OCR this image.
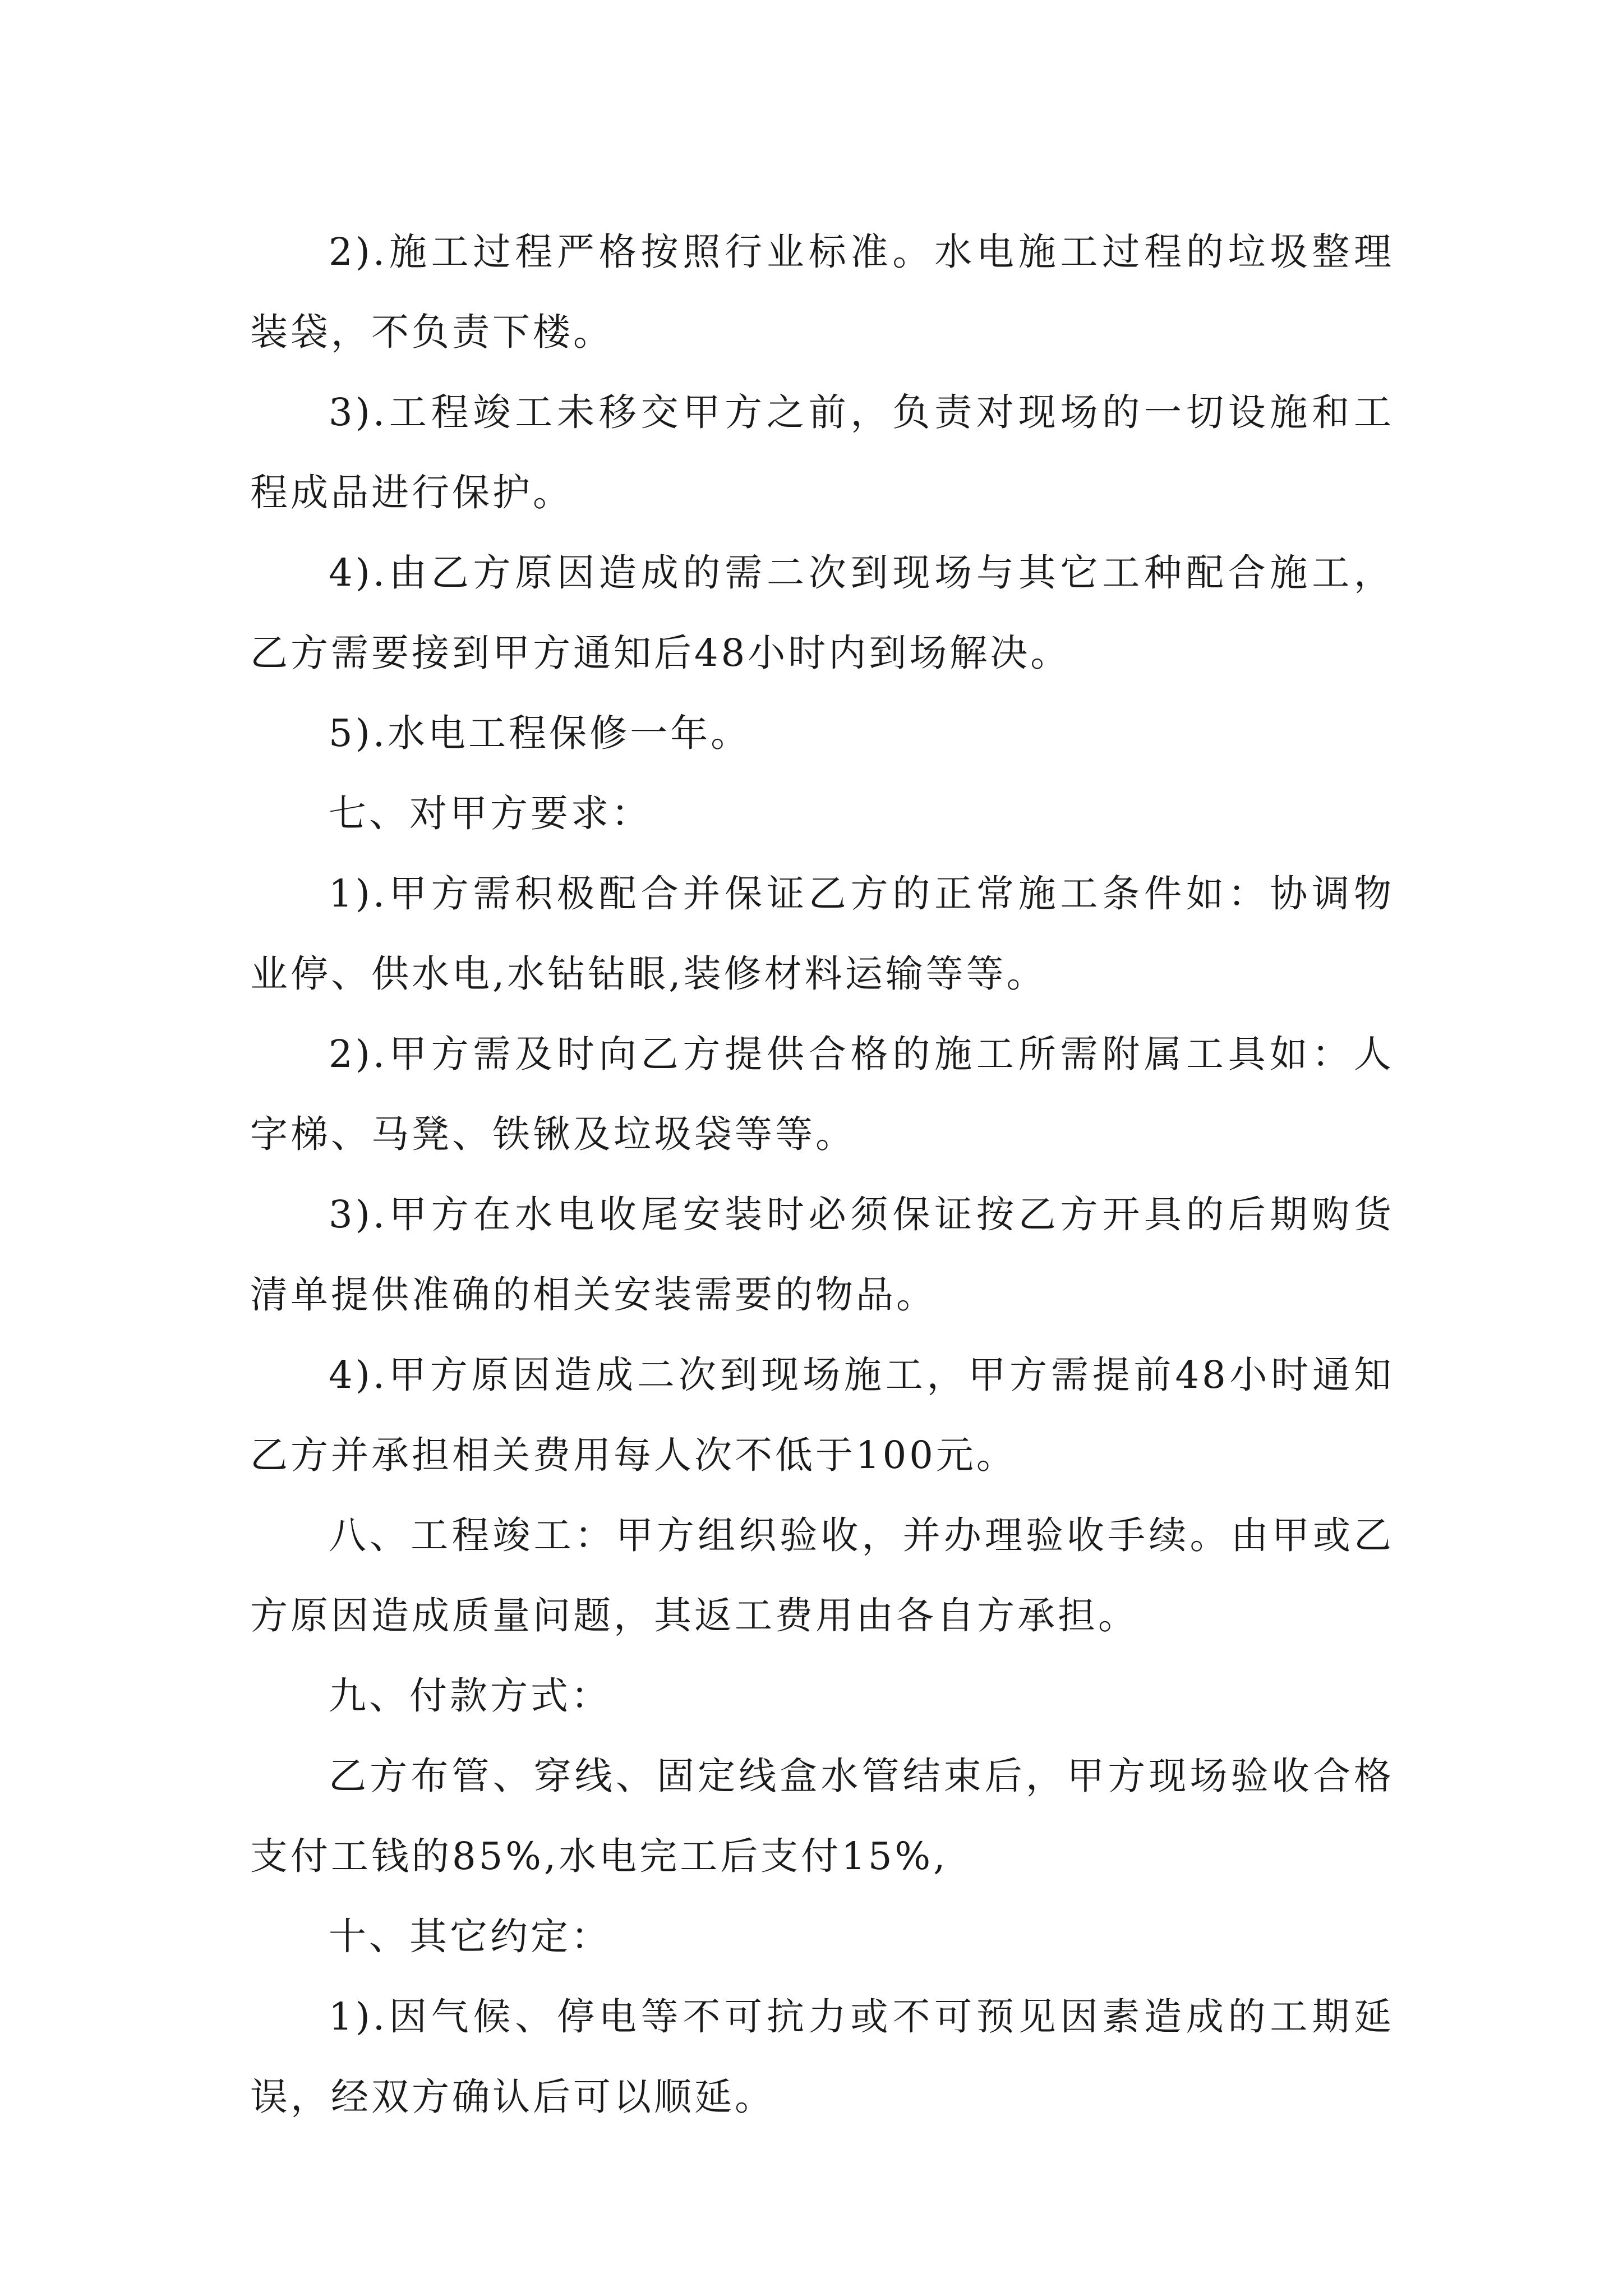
2).施工过程严格按照行业标准。水电施工过程的垃圾整理装袋，不负责下楼。

3).工程竣工未移交甲方之前，负责对现场的一切设施和工程成品进行保护。

4).由乙方原因造成的需二次到现场与其它工种配合施工，乙方需要接到甲方通知后48小时内到场解决。

5).水电工程保修一年。

七、对甲方要求：

1).甲方需积极配合并保证乙方的正常施工条件如：协调物业停、供水电,水钻钻眼,装修材料运输等等。

2).甲方需及时向乙方提供合格的施工所需附属工具如：人字梯、马凳、铁锹及垃圾袋等等。

3).甲方在水电收尾安装时必须保证按乙方开具的后期购货清单提供准确的相关安装需要的物品。

4).甲方原因造成二次到现场施工，甲方需提前48小时通知乙方并承担相关费用每人次不低于100元。

八、工程竣工：甲方组织验收，并办理验收手续。由甲或乙方原因造成质量问题，其返工费用由各自方承担。

九、付款方式：

乙方布管、穿线、固定线盒水管结束后，甲方现场验收合格支付工钱的85%,水电完工后支付15%,

十、其它约定：

1).因气候、停电等不可抗力或不可预见因素造成的工期延误，经双方确认后可以顺延。
